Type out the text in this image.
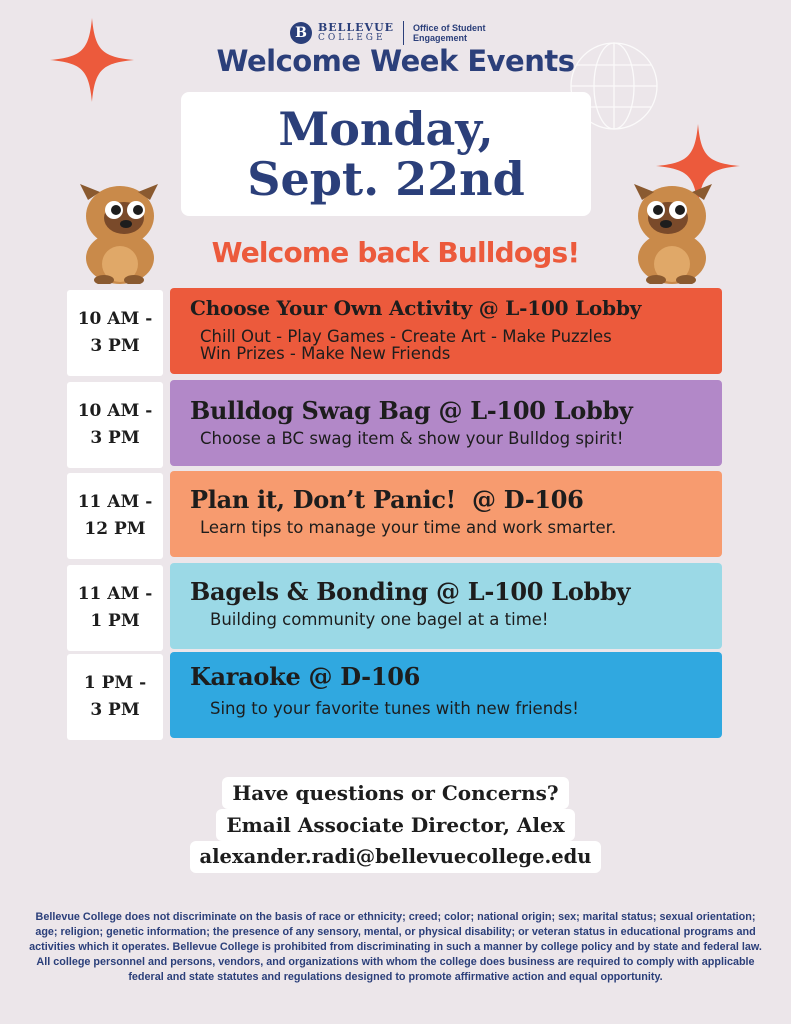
B	BELLEVUE
COLLEGE
Office of Student
Engagement
Welcome Week Events
Monday,
Sept. 22nd
Welcome back Bulldogs!
10 AM -
3 PM
Choose Your Own Activity @ L-100 Lobby
Chill Out - Play Games - Create Art - Make Puzzles
Win Prizes - Make New Friends
10 AM -
3 PM
Bulldog Swag Bag @ L-100 Lobby
Choose a BC swag item & show your Bulldog spirit!
11 AM -
12 PM
Plan it, Don’t Panic!  @ D-106
Learn tips to manage your time and work smarter.
11 AM -
1 PM
Bagels & Bonding @ L-100 Lobby
Building community one bagel at a time!
1 PM -
3 PM
Karaoke @ D-106
Sing to your favorite tunes with new friends!
Have questions or Concerns?
Email Associate Director, Alex
alexander.radi@bellevuecollege.edu
Bellevue College does not discriminate on the basis of race or ethnicity; creed; color; national origin; sex; marital status; sexual orientation; age; religion; genetic information; the presence of any sensory, mental, or physical disability; or veteran status in educational programs and activities which it operates. Bellevue College is prohibited from discriminating in such a manner by college policy and by state and federal law. All college personnel and persons, vendors, and organizations with whom the college does business are required to comply with applicable federal and state statutes and regulations designed to promote affirmative action and equal opportunity.
